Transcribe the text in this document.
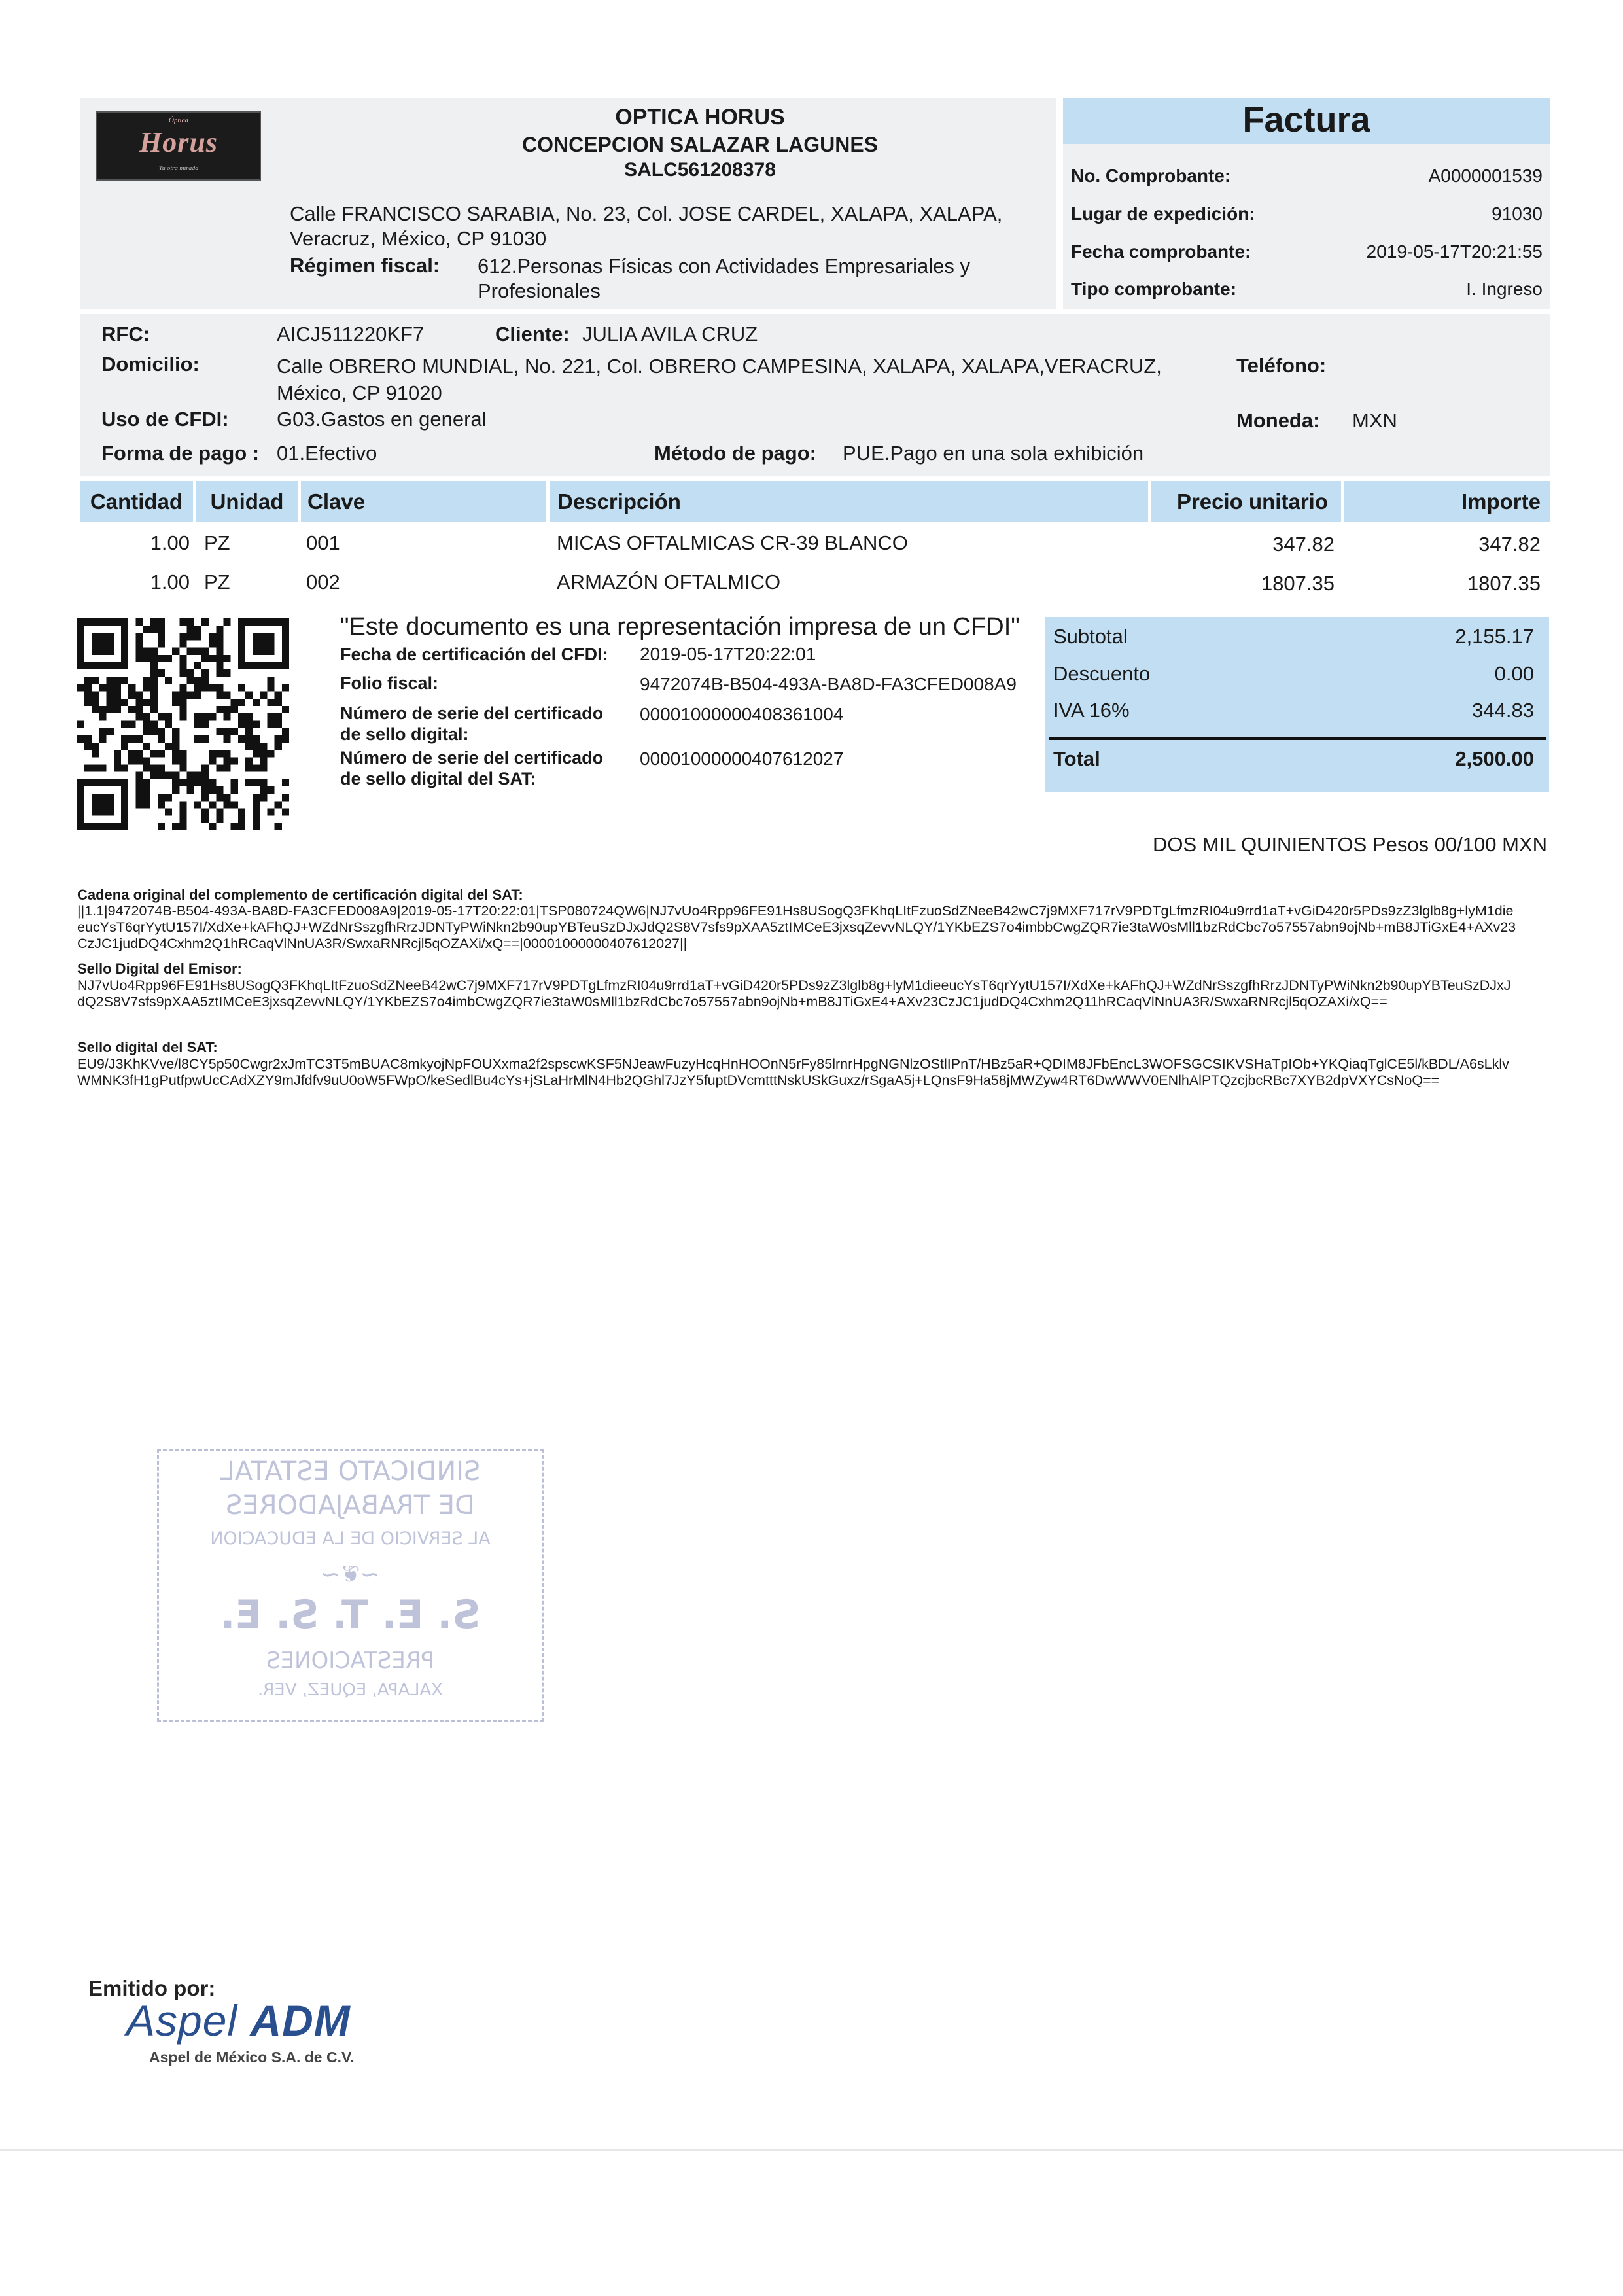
Factura
Óptica
Horus
Tu otra mirada
OPTICA HORUS
CONCEPCION SALAZAR LAGUNES
SALC561208378
Calle FRANCISCO SARABIA, No. 23, Col. JOSE CARDEL, XALAPA, XALAPA, Veracruz, México, CP 91030
Régimen fiscal: 612.Personas Físicas con Actividades Empresariales y Profesionales
No. Comprobante:	A0000001539
Lugar de expedición:	91030
Fecha comprobante:	2019-05-17T20:21:55
Tipo comprobante:	I. Ingreso
RFC:	AICJ511220KF7	Cliente: JULIA AVILA CRUZ
Domicilio:	Calle OBRERO MUNDIAL, No. 221, Col. OBRERO CAMPESINA, XALAPA, XALAPA,VERACRUZ, México, CP 91020
Teléfono:
Uso de CFDI: G03.Gastos en general	Moneda: MXN
Forma de pago : 01.Efectivo	Método de pago: PUE.Pago en una sola exhibición
Cantidad	Unidad	Clave	Descripción	Precio unitario	Importe
1.00 PZ	001	MICAS OFTALMICAS CR-39 BLANCO	347.82	347.82
1.00 PZ	002	ARMAZÓN OFTALMICO	1807.35	1807.35
"Este documento es una representación impresa de un CFDI"
Fecha de certificación del CFDI: 2019-05-17T20:22:01
Folio fiscal:	9472074B-B504-493A-BA8D-FA3CFED008A9
Número de serie del certificado
de sello digital:
00001000000408361004
Número de serie del certificado
de sello digital del SAT:
00001000000407612027
Subtotal	2,155.17
Descuento	0.00
IVA 16%	344.83
Total	2,500.00
DOS MIL QUINIENTOS Pesos 00/100 MXN
Cadena original del complemento de certificación digital del SAT:
||1.1|9472074B-B504-493A-BA8D-FA3CFED008A9|2019-05-17T20:22:01|TSP080724QW6|NJ7vUo4Rpp96FE91Hs8USogQ3FKhqLItFzuoSdZNeeB42wC7j9MXF717rV9PDTgLfmzRI04u9rrd1aT+vGiD420r5PDs9zZ3lglb8g+lyM1dieeucYsT6qrYytU157I/XdXe+kAFhQJ+WZdNrSszgfhRrzJDNTyPWiNkn2b90upYBTeuSzDJxJdQ2S8V7sfs9pXAA5ztIMCeE3jxsqZevvNLQY/1YKbEZS7o4imbbCwgZQR7ie3taW0sMll1bzRdCbc7o57557abn9ojNb+mB8JTiGxE4+AXv23CzJC1judDQ4Cxhm2Q1hRCaqVlNnUA3R/SwxaRNRcjl5qOZAXi/xQ==|00001000000407612027||
Sello Digital del Emisor:
NJ7vUo4Rpp96FE91Hs8USogQ3FKhqLItFzuoSdZNeeB42wC7j9MXF717rV9PDTgLfmzRI04u9rrd1aT+vGiD420r5PDs9zZ3lglb8g+lyM1dieeucYsT6qrYytU157I/XdXe+kAFhQJ+WZdNrSszgfhRrzJDNTyPWiNkn2b90upYBTeuSzDJxJdQ2S8V7sfs9pXAA5ztIMCeE3jxsqZevvNLQY/1YKbEZS7o4imbCwgZQR7ie3taW0sMll1bzRdCbc7o57557abn9ojNb+mB8JTiGxE4+AXv23CzJC1judDQ4Cxhm2Q11hRCaqVlNnUA3R/SwxaRNRcjl5qOZAXi/xQ==
Sello digital del SAT:
EU9/J3KhKVve/l8CY5p50Cwgr2xJmTC3T5mBUAC8mkyojNpFOUXxma2f2spscwKSF5NJeawFuzyHcqHnHOOnN5rFy85lrnrHpgNGNlzOStlIPnT/HBz5aR+QDIM8JFbEncL3WOFSGCSIKVSHaTpIOb+YKQiaqTglCE5l/kBDL/A6sLklvWMNK3fH1gPutfpwUcCAdXZY9mJfdfv9uU0oW5FWpO/keSedlBu4cYs+jSLaHrMlN4Hb2QGhl7JzY5fuptDVcmtttNskUSkGuxz/rSgaA5j+LQnsF9Ha58jMWZyw4RT6DwWWV0ENlhAlPTQzcjbcRBc7XYB2dpVXYCsNoQ==
SINDICATO ESTATAL
DE TRABAJADORES
AL SERVICIO DE LA EDUCACION
~❦~
S. E. T. S. E.
PRESTACIONES
XALAPA, EQUEZ, VER.
Emitido por:
Aspel ADM
Aspel de México S.A. de C.V.
